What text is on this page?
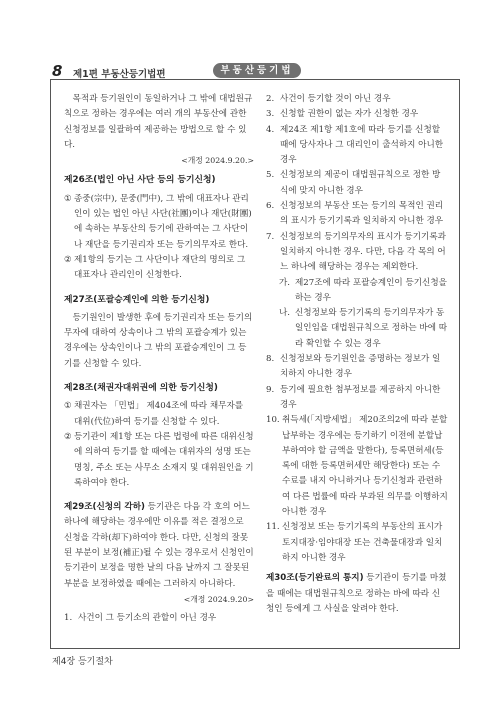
8 제1편 부동산등기법편	부동산등기법

목적과 등기원인이 동일하거나 그 밖에 대법원규칙으로 정하는 경우에는 여러 개의 부동산에 관한 신청정보를 일괄하여 제공하는 방법으로 할 수 있다.

<개정 2024.9.20.>

제26조(법인 아닌 사단 등의 등기신청)

① 종중(宗中), 문중(門中), 그 밖에 대표자나 관리인이 있는 법인 아닌 사단(社團)이나 재단(財團)에 속하는 부동산의 등기에 관하여는 그 사단이나 재단을 등기권리자 또는 등기의무자로 한다.
② 제1항의 등기는 그 사단이나 재단의 명의로 그 대표자나 관리인이 신청한다.

제27조(포괄승계인에 의한 등기신청)

등기원인이 발생한 후에 등기권리자 또는 등기의무자에 대하여 상속이나 그 밖의 포괄승계가 있는 경우에는 상속인이나 그 밖의 포괄승계인이 그 등기를 신청할 수 있다.

제28조(채권자대위권에 의한 등기신청)

① 채권자는 「민법」 제404조에 따라 채무자를 대위(代位)하여 등기를 신청할 수 있다.
② 등기관이 제1항 또는 다른 법령에 따른 대위신청에 의하여 등기를 할 때에는 대위자의 성명 또는 명칭, 주소 또는 사무소 소재지 및 대위원인을 기록하여야 한다.

제29조(신청의 각하) 등기관은 다음 각 호의 어느 하나에 해당하는 경우에만 이유를 적은 결정으로 신청을 각하(却下)하여야 한다. 다만, 신청의 잘못된 부분이 보정(補正)될 수 있는 경우로서 신청인이 등기관이 보정을 명한 날의 다음 날까지 그 잘못된 부분을 보정하였을 때에는 그러하지 아니하다.

<개정 2024.9.20>

1. 사건이 그 등기소의 관할이 아닌 경우
2. 사건이 등기할 것이 아닌 경우
3. 신청할 권한이 없는 자가 신청한 경우
4. 제24조 제1항 제1호에 따라 등기를 신청할 때에 당사자나 그 대리인이 출석하지 아니한 경우
5. 신청정보의 제공이 대법원규칙으로 정한 방식에 맞지 아니한 경우
6. 신청정보의 부동산 또는 등기의 목적인 권리의 표시가 등기기록과 일치하지 아니한 경우
7. 신청정보의 등기의무자의 표시가 등기기록과 일치하지 아니한 경우. 다만, 다음 각 목의 어느 하나에 해당하는 경우는 제외한다.
가. 제27조에 따라 포괄승계인이 등기신청을 하는 경우
나. 신청정보와 등기기록의 등기의무자가 동일인임을 대법원규칙으로 정하는 바에 따라 확인할 수 있는 경우
8. 신청정보와 등기원인을 증명하는 정보가 일치하지 아니한 경우
9. 등기에 필요한 첨부정보를 제공하지 아니한 경우
10. 취득세(「지방세법」 제20조의2에 따라 분할납부하는 경우에는 등기하기 이전에 분할납부하여야 할 금액을 말한다), 등록면허세(등록에 대한 등록면허세만 해당한다) 또는 수수료를 내지 아니하거나 등기신청과 관련하여 다른 법률에 따라 부과된 의무를 이행하지 아니한 경우
11. 신청정보 또는 등기기록의 부동산의 표시가 토지대장·임야대장 또는 건축물대장과 일치하지 아니한 경우

제30조(등기완료의 통지) 등기관이 등기를 마쳤을 때에는 대법원규칙으로 정하는 바에 따라 신청인 등에게 그 사실을 알려야 한다.

제4장 등기절차
